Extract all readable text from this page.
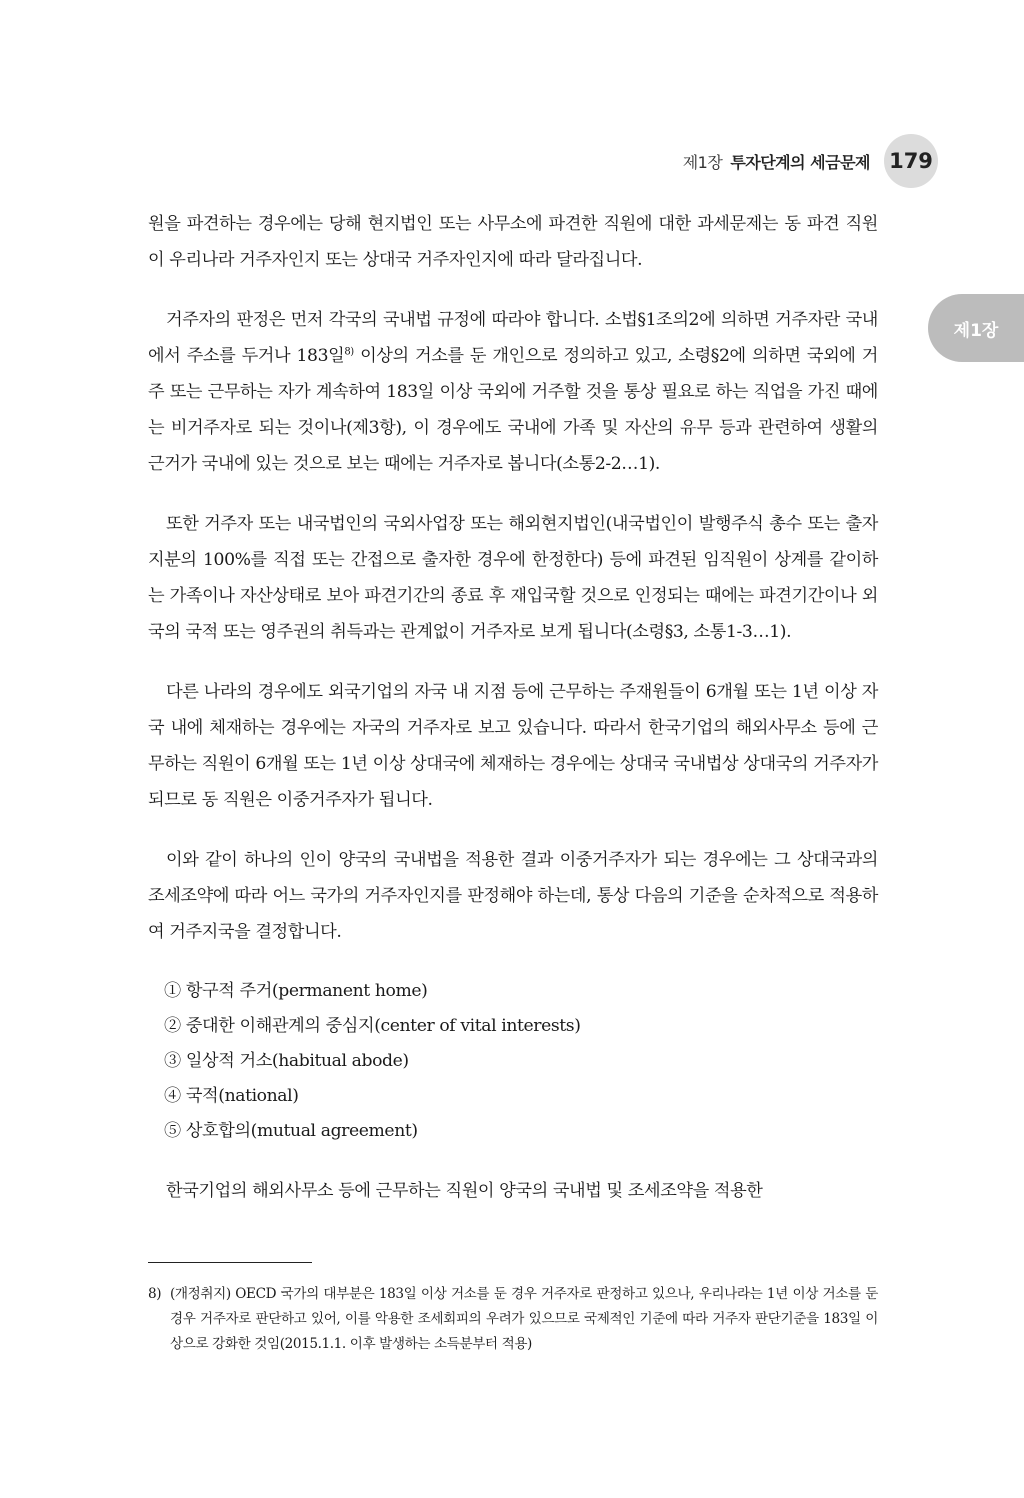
제1장 투자단계의 세금문제 179
제1장

원을 파견하는 경우에는 당해 현지법인 또는 사무소에 파견한 직원에 대한 과세문제는 동 파견 직원이 우리나라 거주자인지 또는 상대국 거주자인지에 따라 달라집니다.

거주자의 판정은 먼저 각국의 국내법 규정에 따라야 합니다. 소법§1조의2에 의하면 거주자란 국내에서 주소를 두거나 183일$^{8)}$ 이상의 거소를 둔 개인으로 정의하고 있고, 소령§2에 의하면 국외에 거주 또는 근무하는 자가 계속하여 183일 이상 국외에 거주할 것을 통상 필요로 하는 직업을 가진 때에는 비거주자로 되는 것이나(제3항), 이 경우에도 국내에 가족 및 자산의 유무 등과 관련하여 생활의 근거가 국내에 있는 것으로 보는 때에는 거주자로 봅니다(소통2-2…1).

또한 거주자 또는 내국법인의 국외사업장 또는 해외현지법인(내국법인이 발행주식 총수 또는 출자지분의 100%를 직접 또는 간접으로 출자한 경우에 한정한다) 등에 파견된 임직원이 상계를 같이하는 가족이나 자산상태로 보아 파견기간의 종료 후 재입국할 것으로 인정되는 때에는 파견기간이나 외국의 국적 또는 영주권의 취득과는 관계없이 거주자로 보게 됩니다(소령§3, 소통1-3…1).

다른 나라의 경우에도 외국기업의 자국 내 지점 등에 근무하는 주재원들이 6개월 또는 1년 이상 자국 내에 체재하는 경우에는 자국의 거주자로 보고 있습니다. 따라서 한국기업의 해외사무소 등에 근무하는 직원이 6개월 또는 1년 이상 상대국에 체재하는 경우에는 상대국 국내법상 상대국의 거주자가 되므로 동 직원은 이중거주자가 됩니다.

이와 같이 하나의 인이 양국의 국내법을 적용한 결과 이중거주자가 되는 경우에는 그 상대국과의 조세조약에 따라 어느 국가의 거주자인지를 판정해야 하는데, 통상 다음의 기준을 순차적으로 적용하여 거주지국을 결정합니다.

① 항구적 주거(permanent home)
② 중대한 이해관계의 중심지(center of vital interests)
③ 일상적 거소(habitual abode)
④ 국적(national)
⑤ 상호합의(mutual agreement)

한국기업의 해외사무소 등에 근무하는 직원이 양국의 국내법 및 조세조약을 적용한

8) (개정취지) OECD 국가의 대부분은 183일 이상 거소를 둔 경우 거주자로 판정하고 있으나, 우리나라는 1년 이상 거소를 둔 경우 거주자로 판단하고 있어, 이를 악용한 조세회피의 우려가 있으므로 국제적인 기준에 따라 거주자 판단기준을 183일 이상으로 강화한 것임(2015.1.1. 이후 발생하는 소득분부터 적용)
